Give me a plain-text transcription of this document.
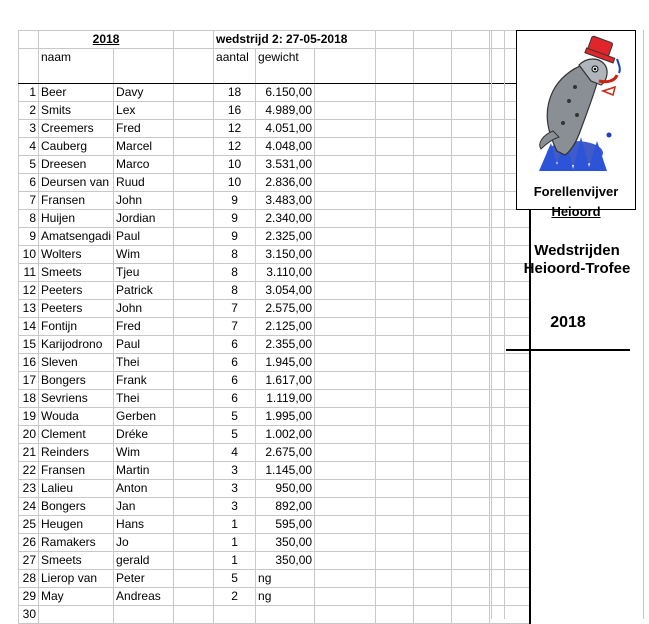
	2018			wedstrijd 2: 27-05-2018						
	naam			aantal	gewicht					
1	Beer	Davy		18	6.150,00					
2	Smits	Lex		16	4.989,00					
3	Creemers	Fred		12	4.051,00					
4	Cauberg	Marcel		12	4.048,00					
5	Dreesen	Marco		10	3.531,00					
6	Deursen van	Ruud		10	2.836,00					
7	Fransen	John		9	3.483,00					
8	Huijen	Jordian		9	2.340,00					
9	Amatsengadi	Paul		9	2.325,00					
10	Wolters	Wim		8	3.150,00					
11	Smeets	Tjeu		8	3.110,00					
12	Peeters	Patrick		8	3.054,00					
13	Peeters	John		7	2.575,00					
14	Fontijn	Fred		7	2.125,00					
15	Karijodrono	Paul		6	2.355,00					
16	Sleven	Thei		6	1.945,00					
17	Bongers	Frank		6	1.617,00					
18	Sevriens	Thei		6	1.119,00					
19	Wouda	Gerben		5	1.995,00					
20	Clement	Dréke		5	1.002,00					
21	Reinders	Wim		4	2.675,00					
22	Fransen	Martin		3	1.145,00					
23	Lalieu	Anton		3	950,00					
24	Bongers	Jan		3	892,00					
25	Heugen	Hans		1	595,00					
26	Ramakers	Jo		1	350,00					
27	Smeets	gerald		1	350,00					
28	Lierop van	Peter		5	ng					
29	May	Andreas		2	ng					
30										
Forellenvijver
Heioord
Wedstrijden
Heioord-Trofee
2018
